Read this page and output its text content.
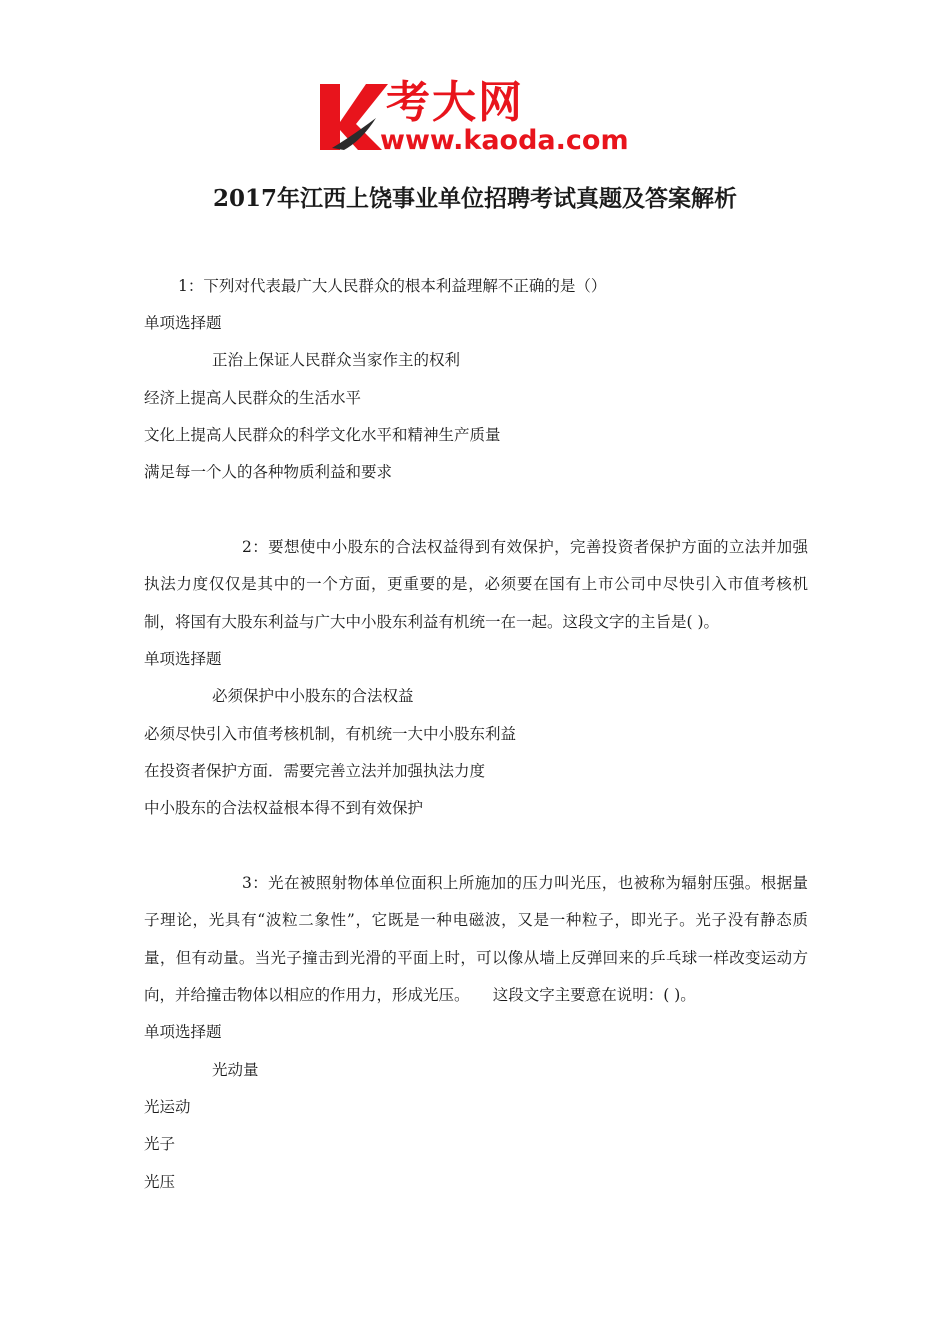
考大网
www.kaoda.com
2017年江西上饶事业单位招聘考试真题及答案解析
1：下列对代表最广大人民群众的根本利益理解不正确的是（）
单项选择题
正治上保证人民群众当家作主的权利
经济上提高人民群众的生活水平
文化上提高人民群众的科学文化水平和精神生产质量
满足每一个人的各种物质利益和要求
2：要想使中小股东的合法权益得到有效保护，完善投资者保护方面的立法并加强执法力度仅仅是其中的一个方面，更重要的是，必须要在国有上市公司中尽快引入市值考核机制，将国有大股东利益与广大中小股东利益有机统一在一起。这段文字的主旨是( )。
单项选择题
必须保护中小股东的合法权益
必须尽快引入市值考核机制，有机统一大中小股东利益
在投资者保护方面．需要完善立法并加强执法力度
中小股东的合法权益根本得不到有效保护
3：光在被照射物体单位面积上所施加的压力叫光压，也被称为辐射压强。根据量子理论，光具有“波粒二象性”，它既是一种电磁波，又是一种粒子，即光子。光子没有静态质量，但有动量。当光子撞击到光滑的平面上时，可以像从墙上反弹回来的乒乓球一样改变运动方向，并给撞击物体以相应的作用力，形成光压。　　这段文字主要意在说明：( )。
单项选择题
光动量
光运动
光子
光压
